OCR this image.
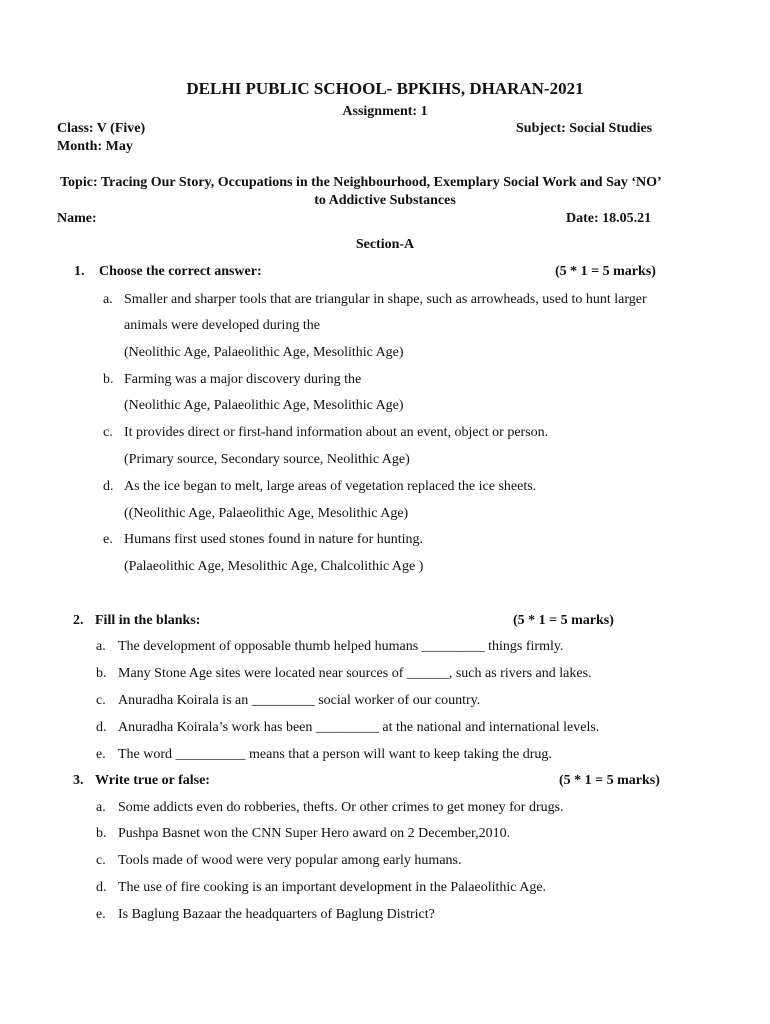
DELHI PUBLIC SCHOOL- BPKIHS, DHARAN-2021
Assignment: 1
Class: V (Five)	Subject: Social Studies
Month: May
Topic: Tracing Our Story, Occupations in the Neighbourhood, Exemplary Social Work and Say ‘NO’
to Addictive Substances
Name:	Date: 18.05.21
Section-A
1. Choose the correct answer:	(5 * 1 = 5 marks)
a. Smaller and sharper tools that are triangular in shape, such as arrowheads, used to hunt larger
animals were developed during the
(Neolithic Age, Palaeolithic Age, Mesolithic Age)
b. Farming was a major discovery during the
(Neolithic Age, Palaeolithic Age, Mesolithic Age)
c. It provides direct or first-hand information about an event, object or person.
(Primary source, Secondary source, Neolithic Age)
d. As the ice began to melt, large areas of vegetation replaced the ice sheets.
((Neolithic Age, Palaeolithic Age, Mesolithic Age)
e. Humans first used stones found in nature for hunting.
(Palaeolithic Age, Mesolithic Age, Chalcolithic Age )
2. Fill in the blanks:	(5 * 1 = 5 marks)
a. The development of opposable thumb helped humans _________ things firmly.
b. Many Stone Age sites were located near sources of ______, such as rivers and lakes.
c. Anuradha Koirala is an _________ social worker of our country.
d. Anuradha Koirala’s work has been _________ at the national and international levels.
e. The word __________ means that a person will want to keep taking the drug.
3. Write true or false:	(5 * 1 = 5 marks)
a. Some addicts even do robberies, thefts. Or other crimes to get money for drugs.
b. Pushpa Basnet won the CNN Super Hero award on 2 December,2010.
c. Tools made of wood were very popular among early humans.
d. The use of fire cooking is an important development in the Palaeolithic Age.
e. Is Baglung Bazaar the headquarters of Baglung District?
